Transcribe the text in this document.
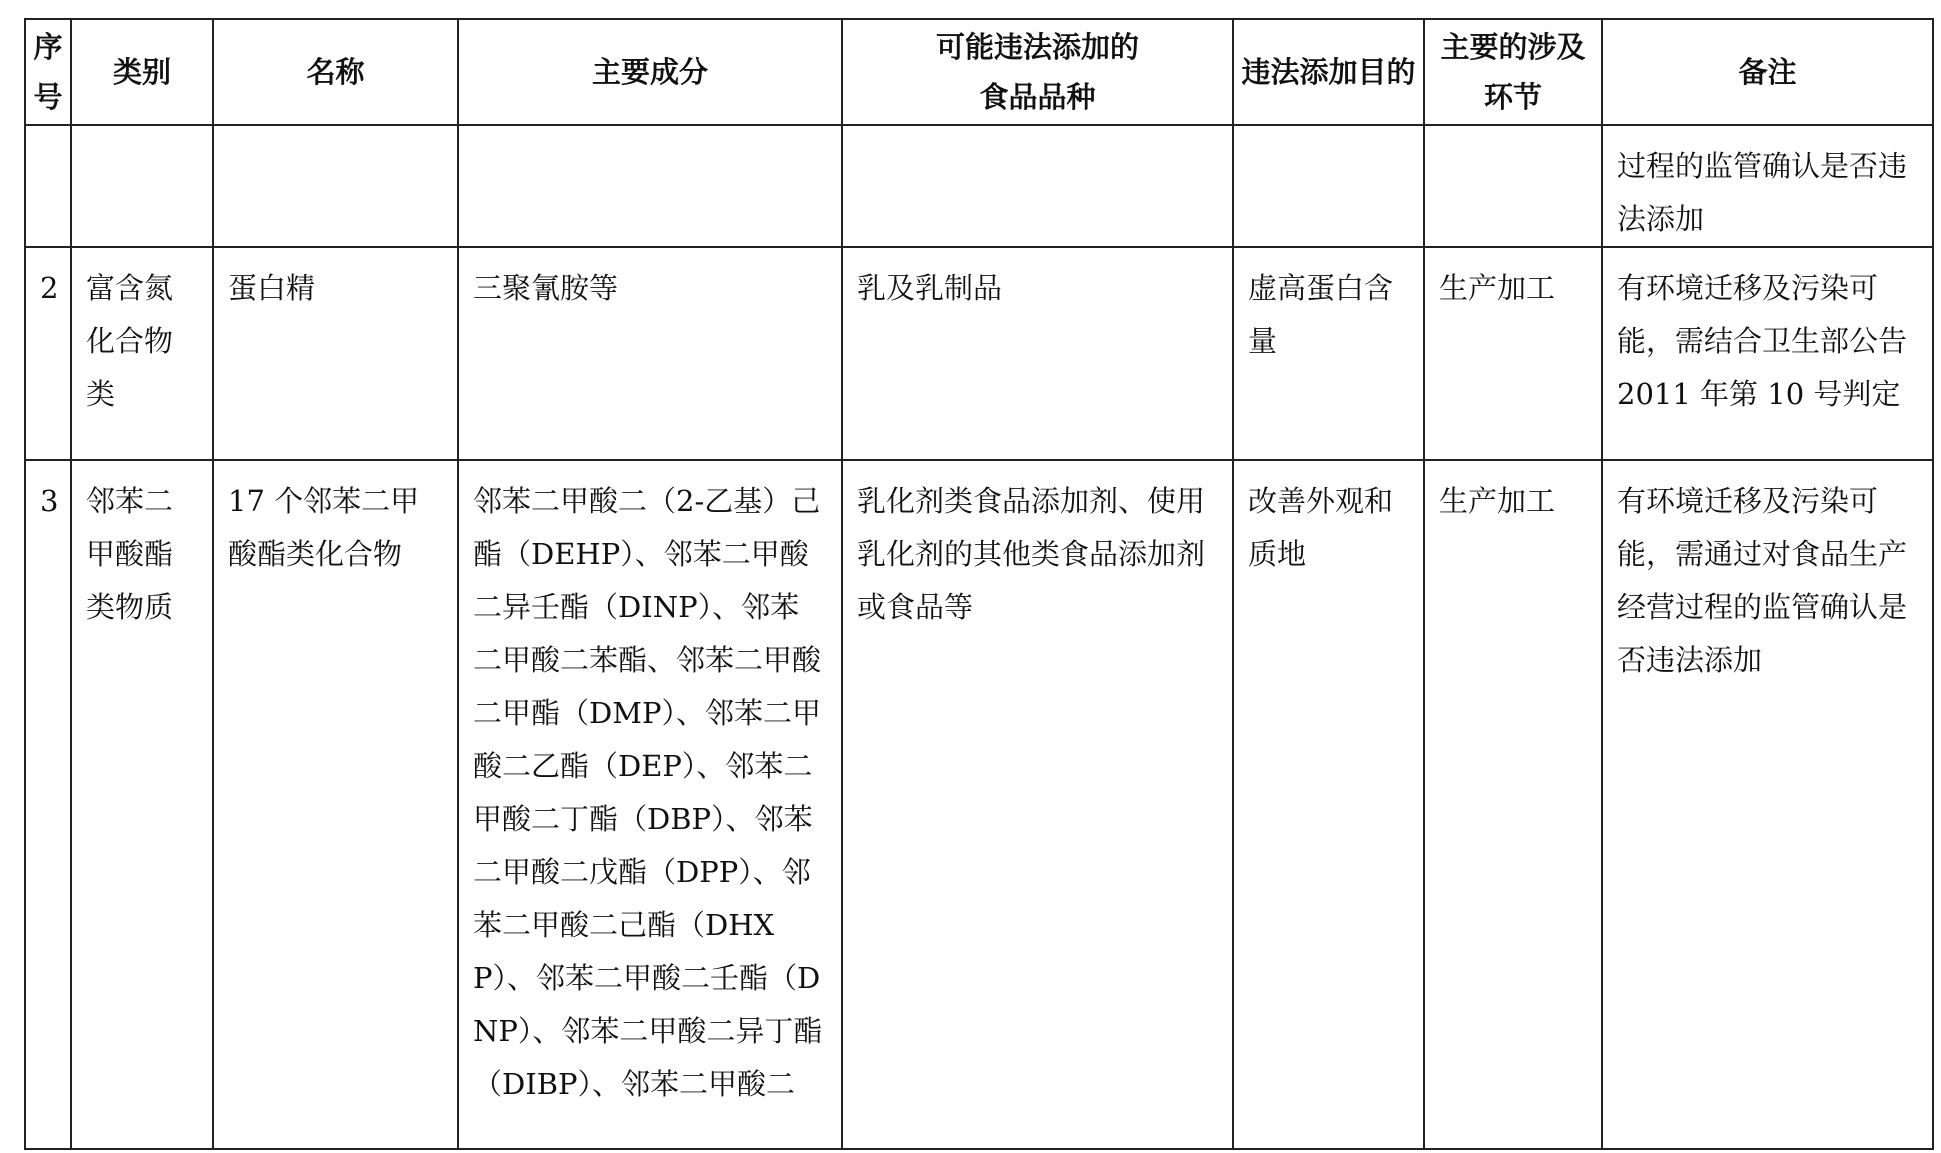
序号	类别	名称	主要成分	可能违法添加的食品品种	违法添加目的	主要的涉及环节	备注
							过程的监管确认是否违法添加
2	富含氮化合物类	蛋白精	三聚氰胺等	乳及乳制品	虚高蛋白含量	生产加工	有环境迁移及污染可能，需结合卫生部公告 2011 年第 10 号判定
3	邻苯二甲酸酯类物质	17 个邻苯二甲酸酯类化合物	邻苯二甲酸二（2-乙基）己酯（DEHP）、邻苯二甲酸二异壬酯（DINP）、邻苯二甲酸二苯酯、邻苯二甲酸二甲酯（DMP）、邻苯二甲酸二乙酯（DEP）、邻苯二甲酸二丁酯（DBP）、邻苯二甲酸二戊酯（DPP）、邻苯二甲酸二己酯（DHXP）、邻苯二甲酸二壬酯（DNP）、邻苯二甲酸二异丁酯（DIBP）、邻苯二甲酸二	乳化剂类食品添加剂、使用乳化剂的其他类食品添加剂或食品等	改善外观和质地	生产加工	有环境迁移及污染可能，需通过对食品生产经营过程的监管确认是否违法添加
